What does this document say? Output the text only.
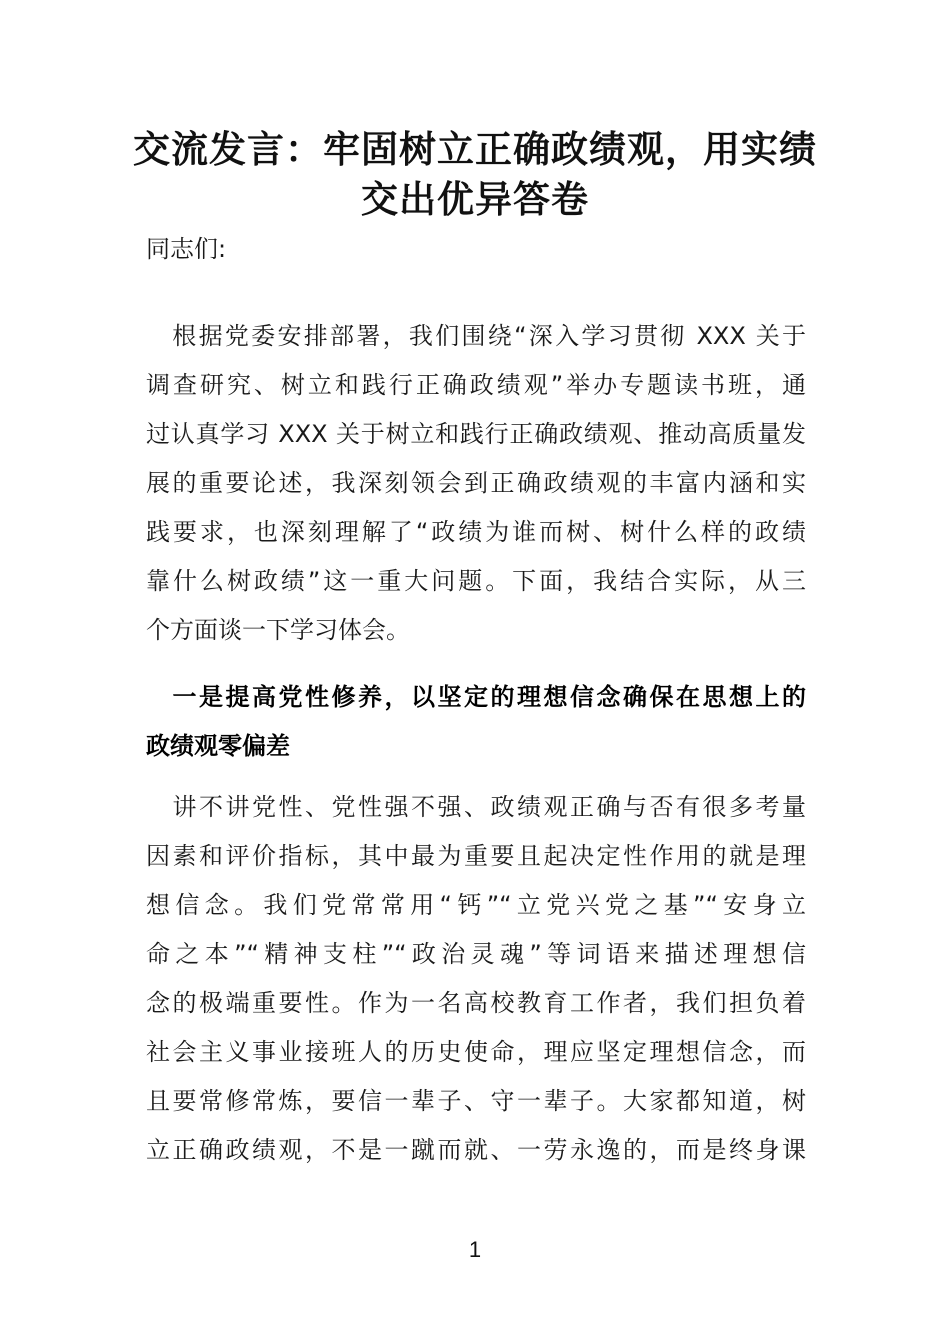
交流发言：牢固树立正确政绩观，用实绩
交出优异答卷
同志们:
　根据党委安排部署，我们围绕“深入学习贯彻 XXX 关于
调查研究、树立和践行正确政绩观”举办专题读书班，通
过认真学习 XXX 关于树立和践行正确政绩观、推动高质量发
展的重要论述，我深刻领会到正确政绩观的丰富内涵和实
践要求，也深刻理解了“政绩为谁而树、树什么样的政绩
靠什么树政绩”这一重大问题。下面，我结合实际，从三
个方面谈一下学习体会。
　一是提高党性修养，以坚定的理想信念确保在思想上的
政绩观零偏差
　讲不讲党性、党性强不强、政绩观正确与否有很多考量
因素和评价指标，其中最为重要且起决定性作用的就是理
想信念。我们党常常用“钙”“立党兴党之基”“安身立
命之本”“精神支柱”“政治灵魂”等词语来描述理想信
念的极端重要性。作为一名高校教育工作者，我们担负着
社会主义事业接班人的历史使命，理应坚定理想信念，而
且要常修常炼，要信一辈子、守一辈子。大家都知道，树
立正确政绩观，不是一蹴而就、一劳永逸的，而是终身课
1
